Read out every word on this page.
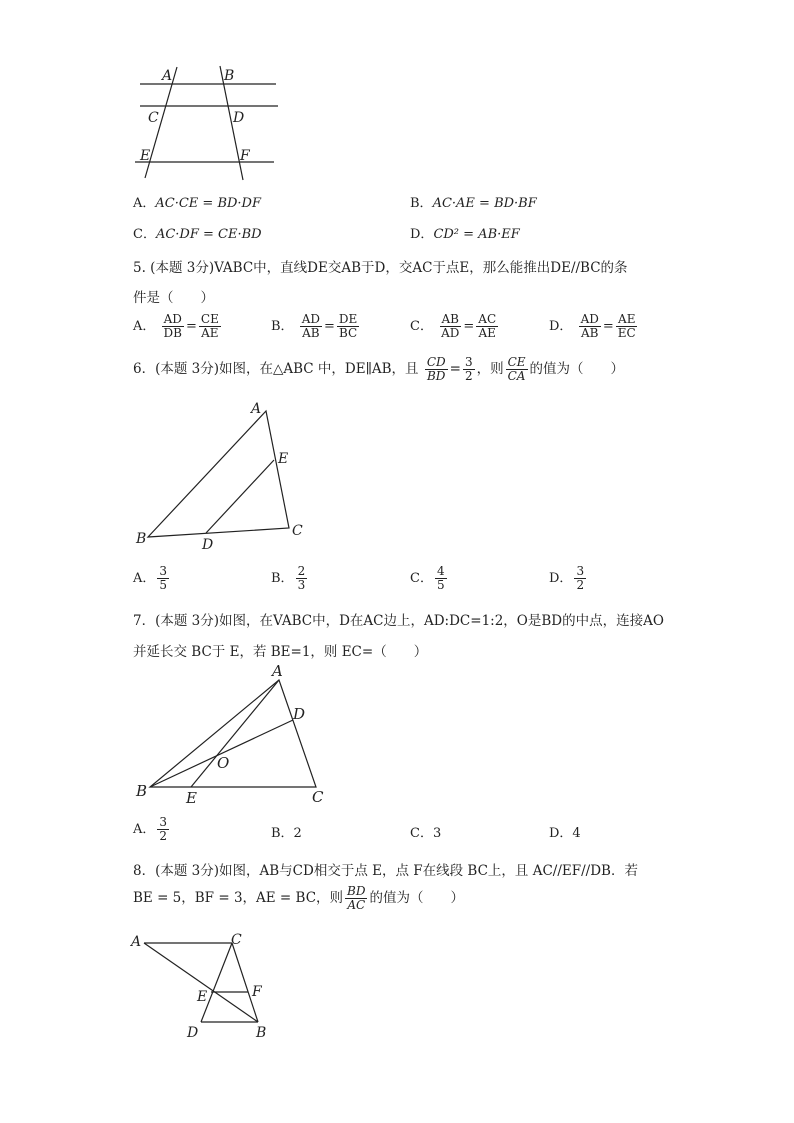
A	B
C	D
E	F
A．AC·CE = BD·DF	B．AC·AE = BD·BF
C．AC·DF = CE·BD	D．CD² = AB·EF
5. (本题 3分)VABC中，直线DE交AB于D，交AC于点E，那么能推出DE//BC的条
件是（　　）
A． $\frac{AD}{DB} = \frac{CE}{AE}$	B． $\frac{AD}{AB} = \frac{DE}{BC}$	C． $\frac{AB}{AD} = \frac{AC}{AE}$	D． $\frac{AD}{AB} = \frac{AE}{EC}$
6．(本题 3分)如图，在△ABC 中，DE∥AB，且 $\frac{CD}{BD} = \frac{3}{2}$ ，则 $\frac{CE}{CA}$ 的值为（　　）
A
B	C
D
E
A． $\frac{3}{5}$	B． $\frac{2}{3}$	C． $\frac{4}{5}$	D． $\frac{3}{2}$
7．(本题 3分)如图，在VABC中，D在AC边上，AD:DC=1:2，O是BD的中点，连接AO
并延长交 BC于 E，若 BE=1，则 EC=（　　）
A
B	C
D
E
O
A． $\frac{3}{2}$	B．2	C．3	D．4
8．(本题 3分)如图，AB与CD相交于点 E，点 F在线段 BC上，且 AC//EF//DB．若
BE = 5，BF = 3，AE = BC，则 $\frac{BD}{AC}$ 的值为（　　）
A	C
E	F
D	B
